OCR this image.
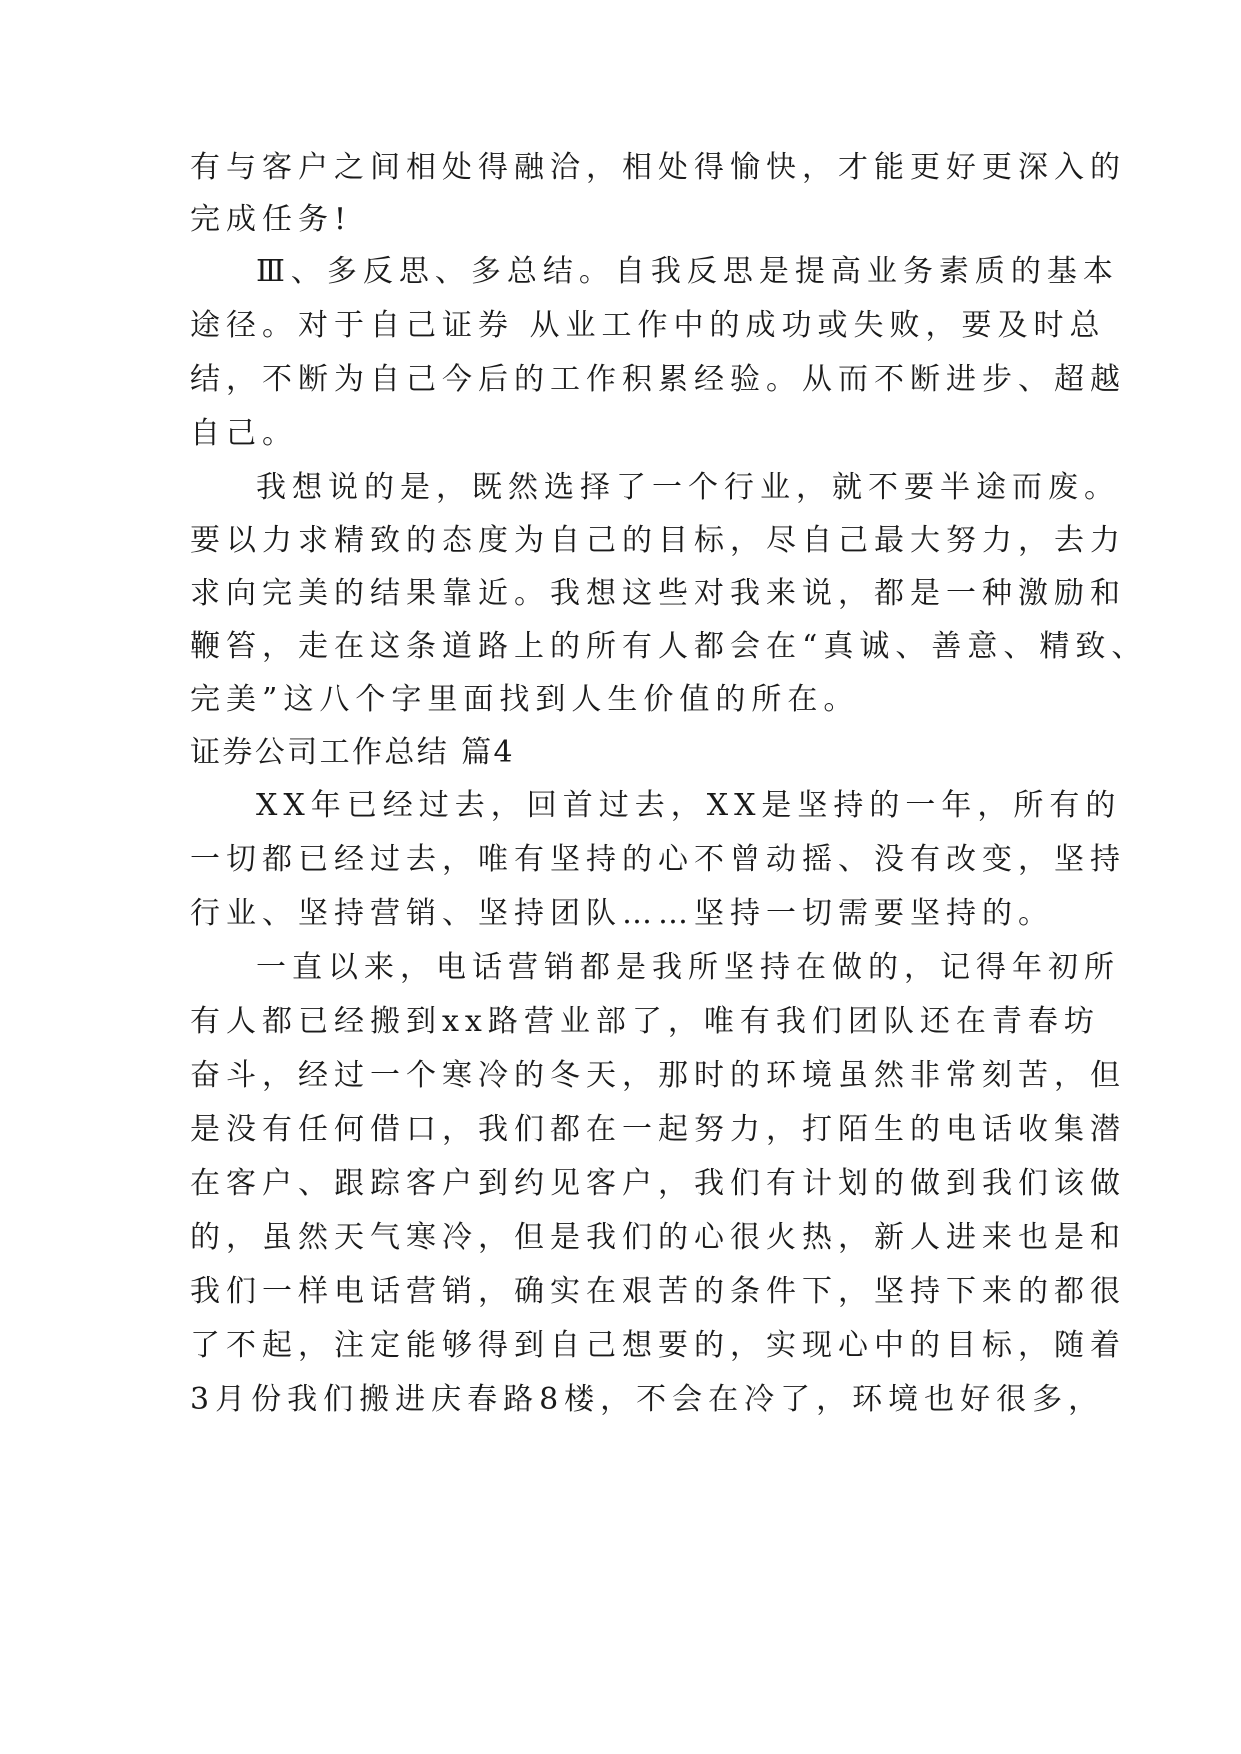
有与客户之间相处得融洽，相处得愉快，才能更好更深入的

完成任务!

Ⅲ、多反思、多总结。自我反思是提高业务素质的基本

途径。对于自己证券 从业工作中的成功或失败，要及时总

结，不断为自己今后的工作积累经验。从而不断进步、超越

自己。

我想说的是，既然选择了一个行业，就不要半途而废。

要以力求精致的态度为自己的目标，尽自己最大努力，去力

求向完美的结果靠近。我想这些对我来说，都是一种激励和

鞭笞，走在这条道路上的所有人都会在“真诚、善意、精致、

完美”这八个字里面找到人生价值的所在。

证券公司工作总结 篇4

XX年已经过去，回首过去，XX是坚持的一年，所有的

一切都已经过去，唯有坚持的心不曾动摇、没有改变，坚持

行业、坚持营销、坚持团队……坚持一切需要坚持的。

一直以来，电话营销都是我所坚持在做的，记得年初所

有人都已经搬到xx路营业部了，唯有我们团队还在青春坊

奋斗，经过一个寒冷的冬天，那时的环境虽然非常刻苦，但

是没有任何借口，我们都在一起努力，打陌生的电话收集潜

在客户、跟踪客户到约见客户，我们有计划的做到我们该做

的，虽然天气寒冷，但是我们的心很火热，新人进来也是和

我们一样电话营销，确实在艰苦的条件下，坚持下来的都很

了不起，注定能够得到自己想要的，实现心中的目标，随着

3月份我们搬进庆春路8楼，不会在冷了，环境也好很多，
